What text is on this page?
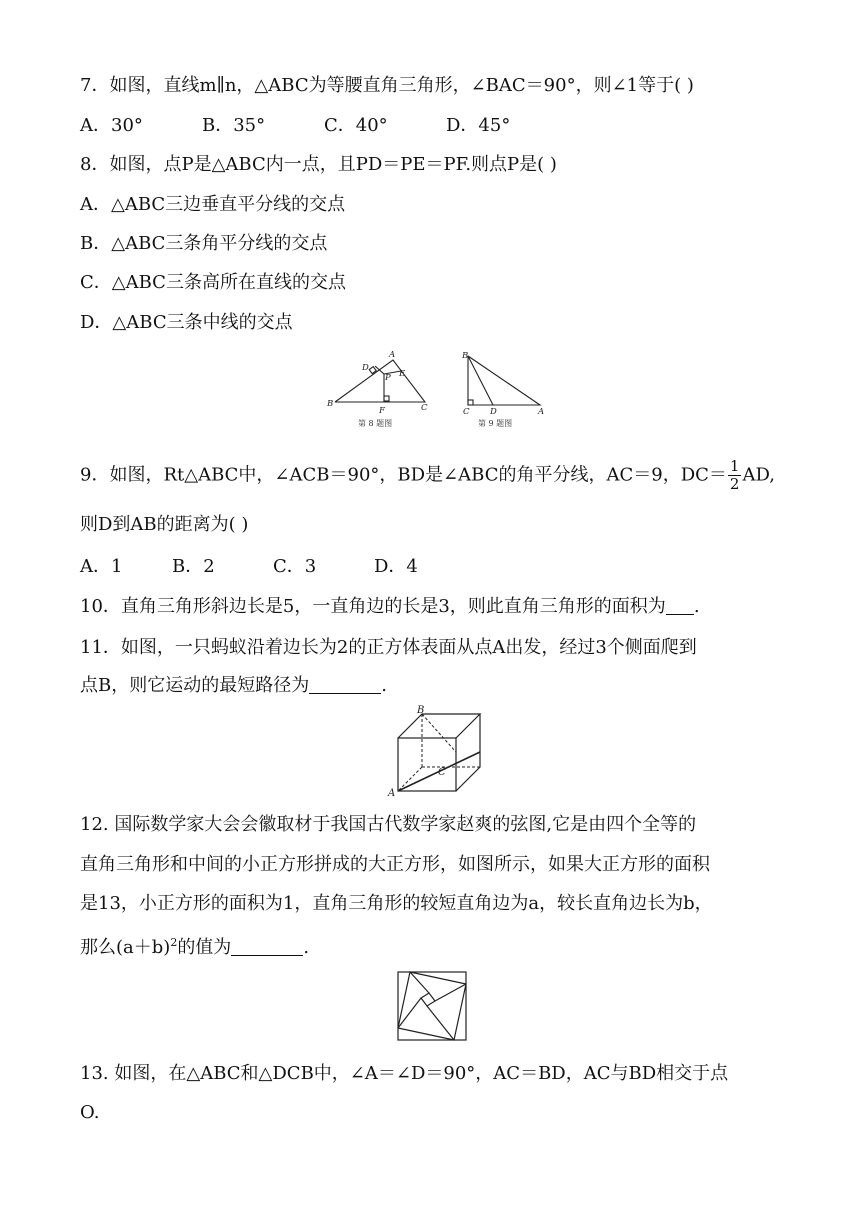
7．如图，直线m∥n，△ABC为等腰直角三角形，∠BAC＝90°，则∠1等于( )
A．30°	B．35°	C．40°	D．45°
8．如图，点P是△ABC内一点，且PD＝PE＝PF.则点P是( )
A．△ABC三边垂直平分线的交点
B．△ABC三条角平分线的交点
C．△ABC三条高所在直线的交点
D．△ABC三条中线的交点
A
B	C
D
E
F
P
第 8 题图
B
C D	A
第 9 题图
9．如图，Rt△ABC中，∠ACB＝90°，BD是∠ABC的角平分线，AC＝9，$DC= \frac{1}{2}$ AD,
则D到AB的距离为( )
A．1	B．2	C．3	D．4
10．直角三角形斜边长是5，一直角边的长是3，则此直角三角形的面积为 .
11．如图，一只蚂蚁沿着边长为2的正方体表面从点A出发，经过3个侧面爬到
点B，则它运动的最短路径为	.
B
A
C
12. 国际数学家大会会徽取材于我国古代数学家赵爽的弦图,它是由四个全等的
直角三角形和中间的小正方形拼成的大正方形，如图所示，如果大正方形的面积
是13，小正方形的面积为1，直角三角形的较短直角边为a，较长直角边长为b，
那么$(a+b)^2$的值为	.
13. 如图，在△ABC和△DCB中，∠A＝∠D＝90°，AC＝BD，AC与BD相交于点
O.
